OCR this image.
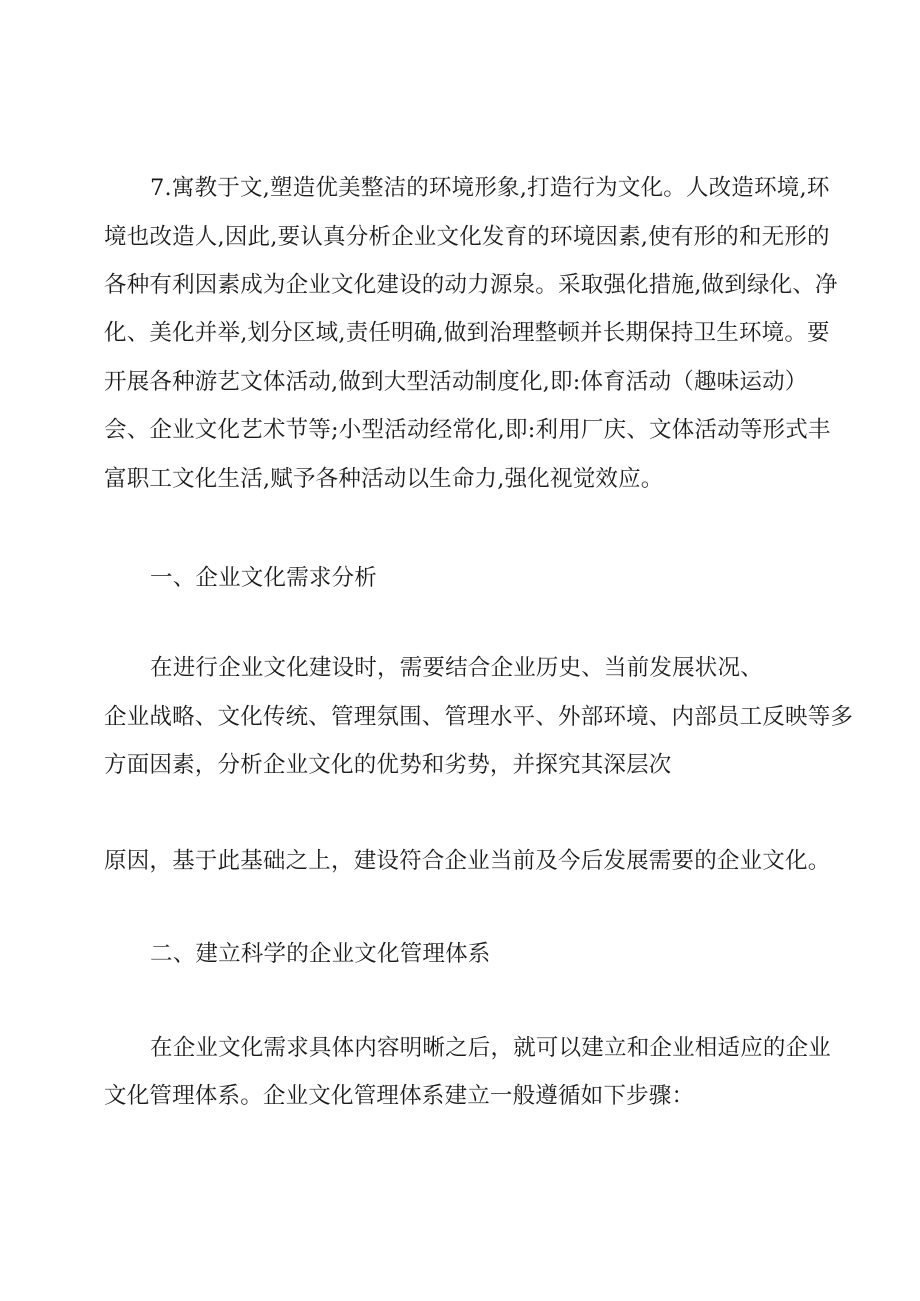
7.寓教于文,塑造优美整洁的环境形象,打造行为文化。人改造环境,环
境也改造人,因此,要认真分析企业文化发育的环境因素,使有形的和无形的
各种有利因素成为企业文化建设的动力源泉。采取强化措施,做到绿化、净
化、美化并举,划分区域,责任明确,做到治理整顿并长期保持卫生环境。要
开展各种游艺文体活动,做到大型活动制度化,即:体育活动（趣味运动）
会、企业文化艺术节等;小型活动经常化,即:利用厂庆、文体活动等形式丰
富职工文化生活,赋予各种活动以生命力,强化视觉效应。
一、企业文化需求分析
在进行企业文化建设时，需要结合企业历史、当前发展状况、
企业战略、文化传统、管理氛围、管理水平、外部环境、内部员工反映等多
方面因素，分析企业文化的优势和劣势，并探究其深层次
原因，基于此基础之上，建设符合企业当前及今后发展需要的企业文化。
二、建立科学的企业文化管理体系
在企业文化需求具体内容明晰之后，就可以建立和企业相适应的企业
文化管理体系。企业文化管理体系建立一般遵循如下步骤：
